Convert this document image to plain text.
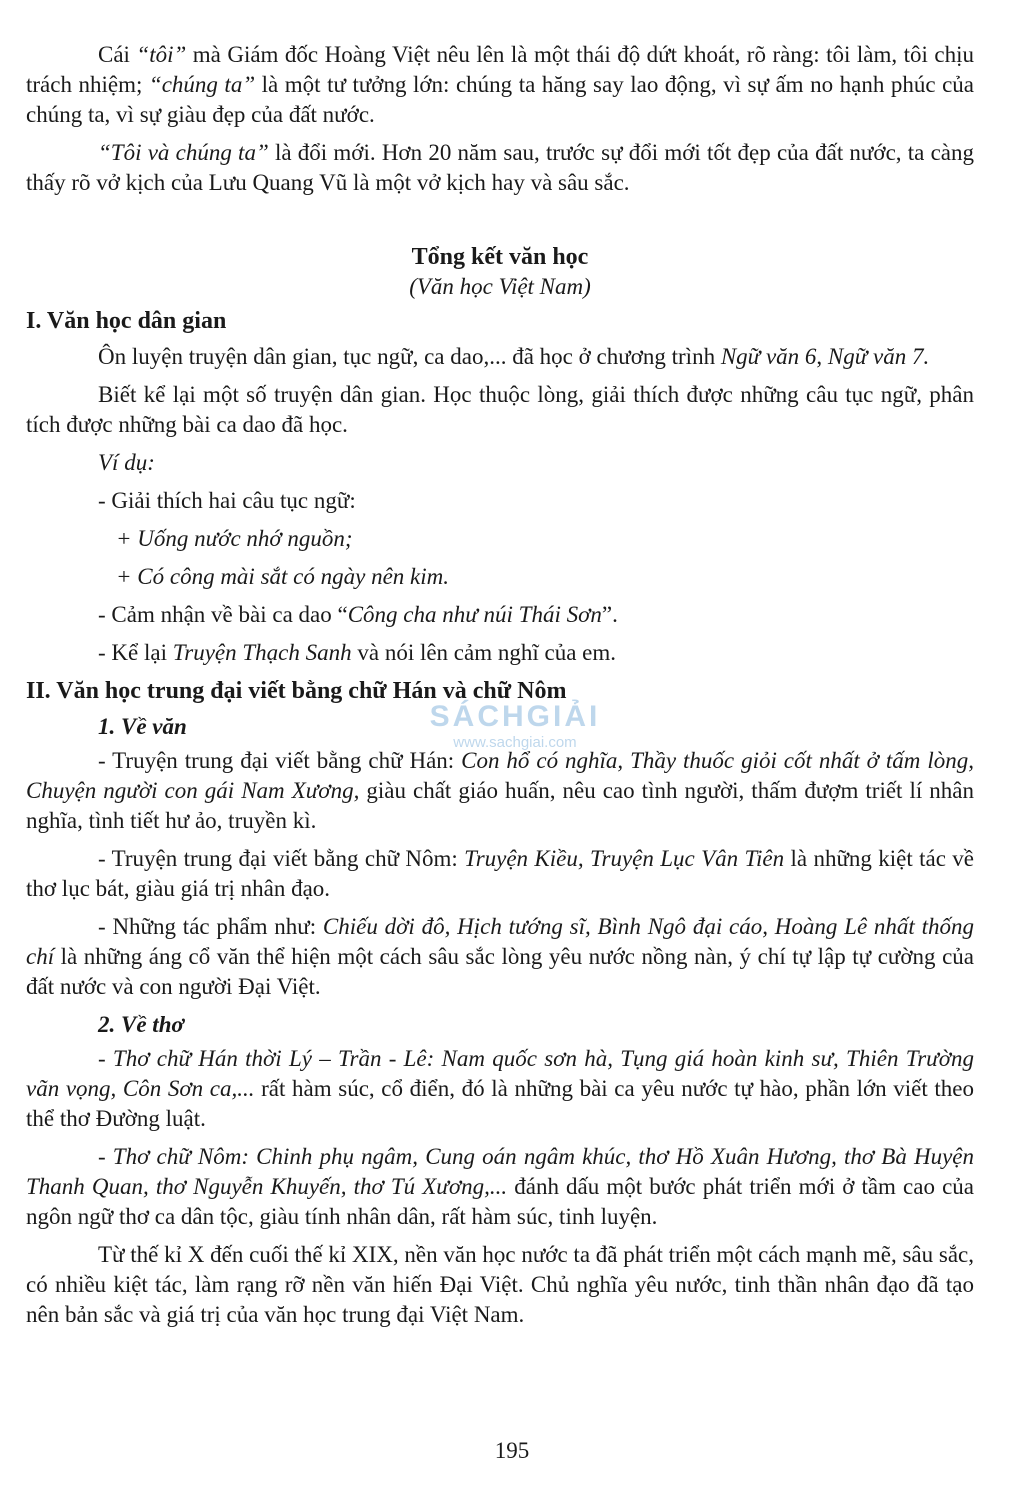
Cái “tôi” mà Giám đốc Hoàng Việt nêu lên là một thái độ dứt khoát, rõ ràng: tôi làm, tôi chịu trách nhiệm; “chúng ta” là một tư tưởng lớn: chúng ta hăng say lao động, vì sự ấm no hạnh phúc của chúng ta, vì sự giàu đẹp của đất nước.

“Tôi và chúng ta” là đổi mới. Hơn 20 năm sau, trước sự đổi mới tốt đẹp của đất nước, ta càng thấy rõ vở kịch của Lưu Quang Vũ là một vở kịch hay và sâu sắc.

Tổng kết văn học

(Văn học Việt Nam)

I. Văn học dân gian

Ôn luyện truyện dân gian, tục ngữ, ca dao,... đã học ở chương trình Ngữ văn 6, Ngữ văn 7.

Biết kể lại một số truyện dân gian. Học thuộc lòng, giải thích được những câu tục ngữ, phân tích được những bài ca dao đã học.

Ví dụ:

- Giải thích hai câu tục ngữ:

+ Uống nước nhớ nguồn;

+ Có công mài sắt có ngày nên kim.

- Cảm nhận về bài ca dao “Công cha như núi Thái Sơn”.

- Kể lại Truyện Thạch Sanh và nói lên cảm nghĩ của em.

II. Văn học trung đại viết bằng chữ Hán và chữ Nôm

1. Về văn

- Truyện trung đại viết bằng chữ Hán: Con hổ có nghĩa, Thầy thuốc giỏi cốt nhất ở tấm lòng, Chuyện người con gái Nam Xương, giàu chất giáo huấn, nêu cao tình người, thấm đượm triết lí nhân nghĩa, tình tiết hư ảo, truyền kì.

- Truyện trung đại viết bằng chữ Nôm: Truyện Kiều, Truyện Lục Vân Tiên là những kiệt tác về thơ lục bát, giàu giá trị nhân đạo.

- Những tác phẩm như: Chiếu dời đô, Hịch tướng sĩ, Bình Ngô đại cáo, Hoàng Lê nhất thống chí là những áng cổ văn thể hiện một cách sâu sắc lòng yêu nước nồng nàn, ý chí tự lập tự cường của đất nước và con người Đại Việt.

2. Về thơ

- Thơ chữ Hán thời Lý – Trần - Lê: Nam quốc sơn hà, Tụng giá hoàn kinh sư, Thiên Trường vãn vọng, Côn Sơn ca,... rất hàm súc, cổ điển, đó là những bài ca yêu nước tự hào, phần lớn viết theo thể thơ Đường luật.

- Thơ chữ Nôm: Chinh phụ ngâm, Cung oán ngâm khúc, thơ Hồ Xuân Hương, thơ Bà Huyện Thanh Quan, thơ Nguyễn Khuyến, thơ Tú Xương,... đánh dấu một bước phát triển mới ở tầm cao của ngôn ngữ thơ ca dân tộc, giàu tính nhân dân, rất hàm súc, tinh luyện.

Từ thế kỉ X đến cuối thế kỉ XIX, nền văn học nước ta đã phát triển một cách mạnh mẽ, sâu sắc, có nhiều kiệt tác, làm rạng rỡ nền văn hiến Đại Việt. Chủ nghĩa yêu nước, tinh thần nhân đạo đã tạo nên bản sắc và giá trị của văn học trung đại Việt Nam.

SÁCHGIẢI
www.sachgiai.com
195
